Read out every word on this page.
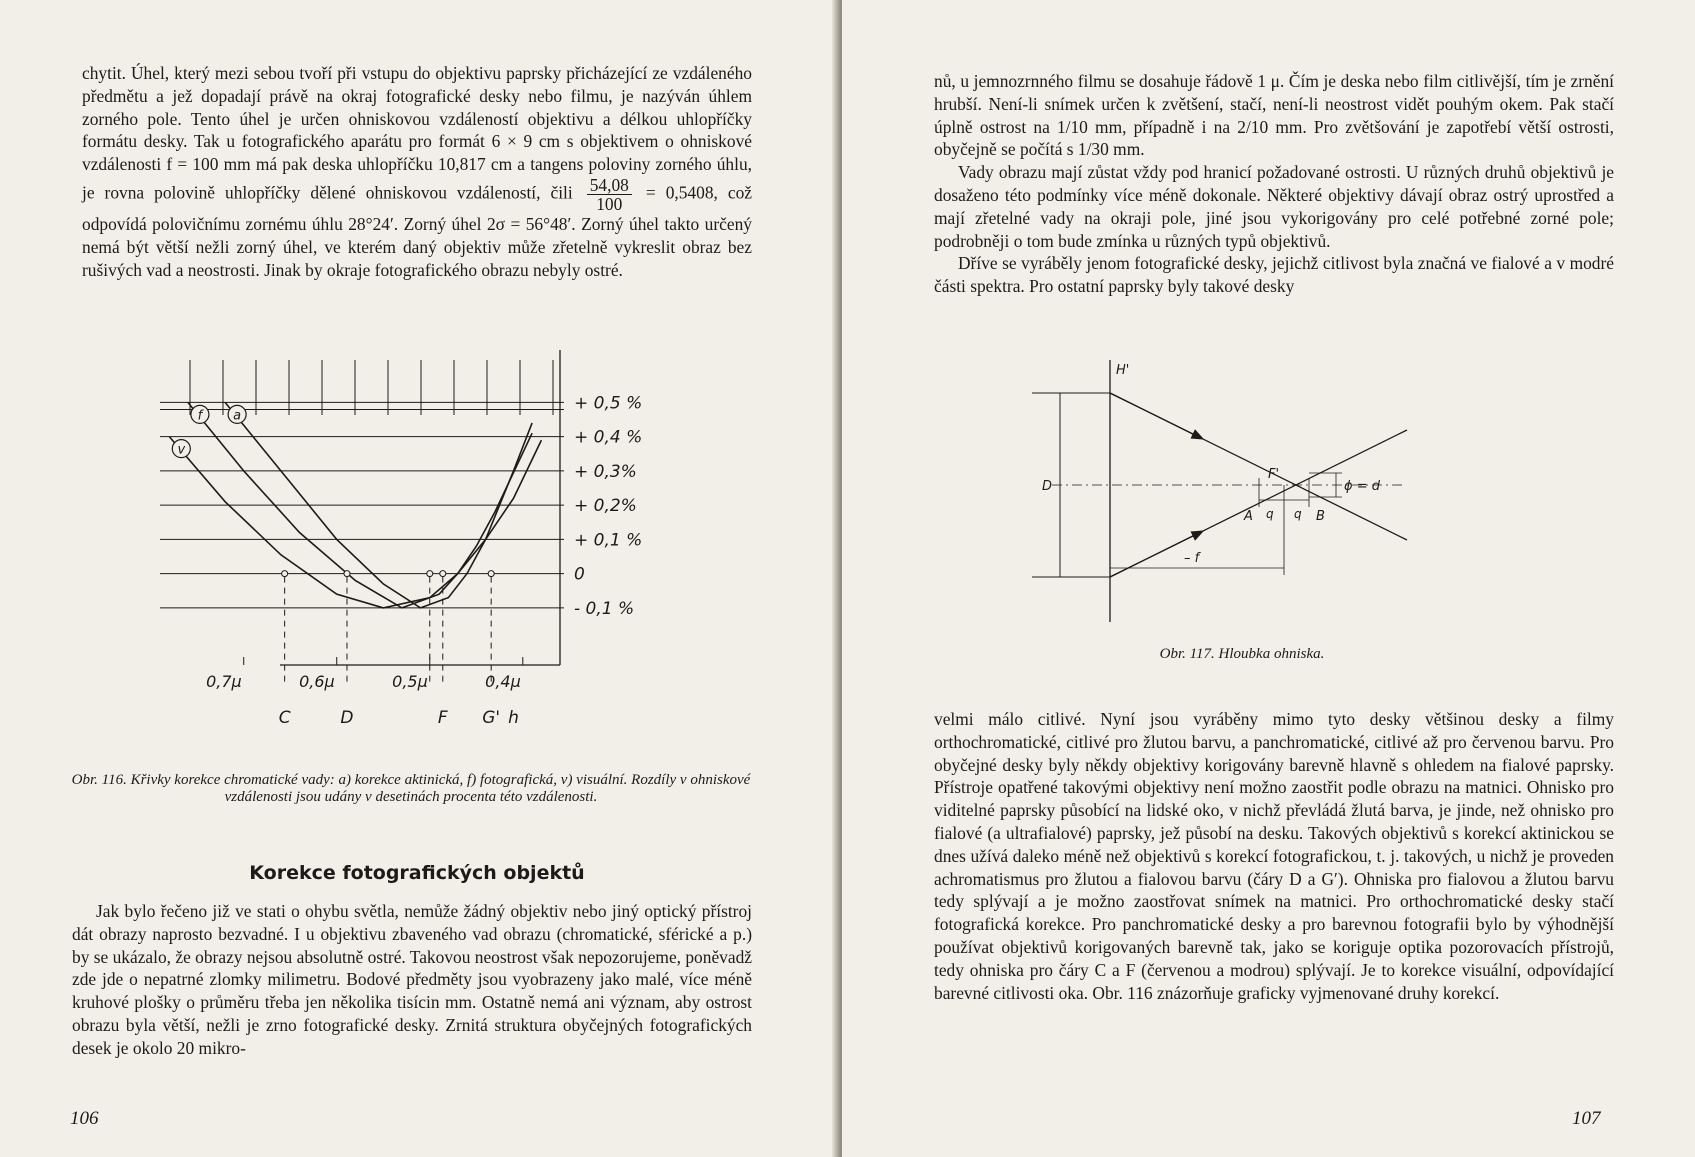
chytit. Úhel, který mezi sebou tvoří při vstupu do objektivu paprsky přicházející ze vzdáleného předmětu a jež dopadají právě na okraj fotografické desky nebo filmu, je nazýván úhlem zorného pole. Tento úhel je určen ohniskovou vzdáleností objektivu a délkou uhlopříčky formátu desky. Tak u fotografického aparátu pro formát 6 × 9 cm s objektivem o ohniskové vzdálenosti f = 100 mm má pak deska uhlopříčku 10,817 cm a tangens poloviny zorného úhlu, je rovna polovině uhlopříčky dělené ohniskovou vzdáleností, čili $\frac{54,08}{100} = 0,5408$, což odpovídá polovičnímu zornému úhlu 28°24′. Zorný úhel 2σ = 56°48′. Zorný úhel takto určený nemá být větší nežli zorný úhel, ve kterém daný objektiv může zřetelně vykreslit obraz bez rušivých vad a neostrosti. Jinak by okraje fotografického obrazu nebyly ostré.

+ 0,5 %
+ 0,4 %
+ 0,3%
+ 0,2%
+ 0,1 %
0
- 0,1 %
v
f a
0,7μ	0,6μ	0,5μ	0,4μ
C	D	F G' h
Obr. 116. Křivky korekce chromatické vady: a) korekce aktinická, f) fotografická, v) visuální. Rozdíly v ohniskové vzdálenosti jsou udány v desetinách procenta této vzdálenosti.
Korekce fotografických objektů

Jak bylo řečeno již ve stati o ohybu světla, nemůže žádný objektiv nebo jiný optický přístroj dát obrazy naprosto bezvadné. I u objektivu zbaveného vad obrazu (chromatické, sférické a p.) by se ukázalo, že obrazy nejsou absolutně ostré. Takovou neostrost však nepozorujeme, poněvadž zde jde o nepatrné zlomky milimetru. Bodové předměty jsou vyobrazeny jako malé, více méně kruhové plošky o průměru třeba jen několika tisícin mm. Ostatně nemá ani význam, aby ostrost obrazu byla větší, nežli je zrno fotografické desky. Zrnitá struktura obyčejných fotografických desek je okolo 20 mikro-

106

nů, u jemnozrnného filmu se dosahuje řádově 1 μ. Čím je deska nebo film citlivější, tím je zrnění hrubší. Není-li snímek určen k zvětšení, stačí, není-li neostrost vidět pouhým okem. Pak stačí úplně ostrost na 1/10 mm, případně i na 2/10 mm. Pro zvětšování je zapotřebí větší ostrosti, obyčejně se počítá s 1/30 mm.

Vady obrazu mají zůstat vždy pod hranicí požadované ostrosti. U různých druhů objektivů je dosaženo této podmínky více méně dokonale. Některé objektivy dávají obraz ostrý uprostřed a mají zřetelné vady na okraji pole, jiné jsou vykorigovány pro celé potřebné zorné pole; podrobněji o tom bude zmínka u různých typů objektivů.

Dříve se vyráběly jenom fotografické desky, jejichž citlivost byla značná ve fialové a v modré části spektra. Pro ostatní paprsky byly takové desky

H'
D
F'
ϕ = d
A q q B
– f
Obr. 117. Hloubka ohniska.

velmi málo citlivé. Nyní jsou vyráběny mimo tyto desky většinou desky a filmy orthochromatické, citlivé pro žlutou barvu, a panchromatické, citlivé až pro červenou barvu. Pro obyčejné desky byly někdy objektivy korigovány barevně hlavně s ohledem na fialové paprsky. Přístroje opatřené takovými objektivy není možno zaostřit podle obrazu na matnici. Ohnisko pro viditelné paprsky působící na lidské oko, v nichž převládá žlutá barva, je jinde, než ohnisko pro fialové (a ultrafialové) paprsky, jež působí na desku. Takových objektivů s korekcí aktinickou se dnes užívá daleko méně než objektivů s korekcí fotografickou, t. j. takových, u nichž je proveden achromatismus pro žlutou a fialovou barvu (čáry D a G′). Ohniska pro fialovou a žlutou barvu tedy splývají a je možno zaostřovat snímek na matnici. Pro orthochromatické desky stačí fotografická korekce. Pro panchromatické desky a pro barevnou fotografii bylo by výhodnější používat objektivů korigovaných barevně tak, jako se koriguje optika pozorovacích přístrojů, tedy ohniska pro čáry C a F (červenou a modrou) splývají. Je to korekce visuální, odpovídající barevné citlivosti oka. Obr. 116 znázorňuje graficky vyjmenované druhy korekcí.

107
